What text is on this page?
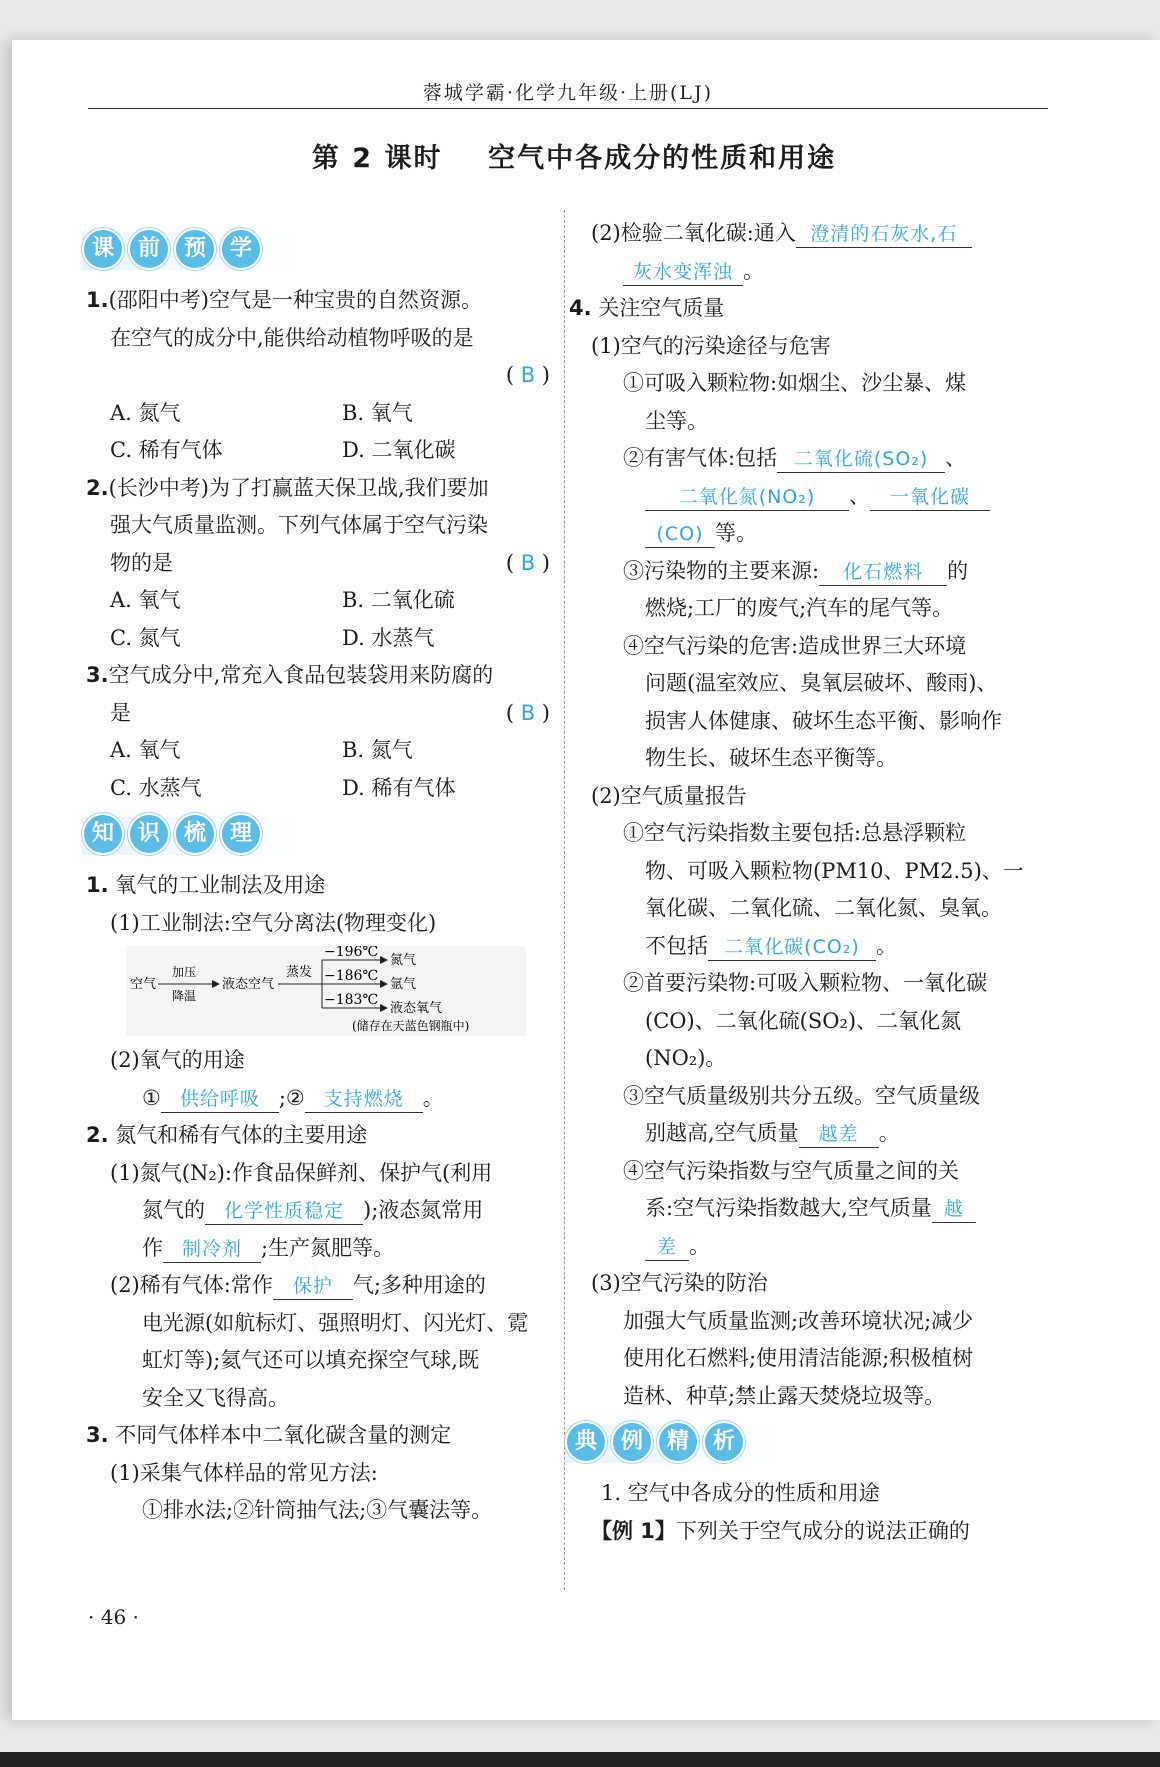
蓉城学霸·化学九年级·上册(LJ)
第 2 课时    空气中各成分的性质和用途
课	前	预	学
1.(邵阳中考)空气是一种宝贵的自然资源。
在空气的成分中,能供给动植物呼吸的是
( B )
A. 氮气	B. 氧气
C. 稀有气体	D. 二氧化碳
2.(长沙中考)为了打赢蓝天保卫战,我们要加
强大气质量监测。下列气体属于空气污染
物的是	( B )
A. 氧气	B. 二氧化硫
C. 氮气	D. 水蒸气
3.空气成分中,常充入食品包装袋用来防腐的
是	( B )
A. 氧气	B. 氮气
C. 水蒸气	D. 稀有气体
知	识	梳	理
1. 氧气的工业制法及用途
(1)工业制法:空气分离法(物理变化)
空气
加压
降温
液态空气
蒸发
−196℃
−186℃
−183℃
氮气
氩气
液态氧气
(储存在天蓝色钢瓶中)
(2)氧气的用途
① 供给呼吸 ;② 支持燃烧 。
2. 氮气和稀有气体的主要用途
(1)氮气(N₂):作食品保鲜剂、保护气(利用
氮气的 化学性质稳定 );液态氮常用
作 制冷剂 ;生产氮肥等。
(2)稀有气体:常作 保护 气;多种用途的
电光源(如航标灯、强照明灯、闪光灯、霓
虹灯等);氦气还可以填充探空气球,既
安全又飞得高。
3. 不同气体样本中二氧化碳含量的测定
(1)采集气体样品的常见方法:
①排水法;②针筒抽气法;③气囊法等。
(2)检验二氧化碳:通入 澄清的石灰水,石
灰水变浑浊 。
4. 关注空气质量
(1)空气的污染途径与危害
①可吸入颗粒物:如烟尘、沙尘暴、煤
尘等。
②有害气体:包括 二氧化硫(SO₂) 、
二氧化氮(NO₂) 、 一氧化碳
(CO) 等。
③污染物的主要来源: 化石燃料 的
燃烧;工厂的废气;汽车的尾气等。
④空气污染的危害:造成世界三大环境
问题(温室效应、臭氧层破坏、酸雨)、
损害人体健康、破坏生态平衡、影响作
物生长、破坏生态平衡等。
(2)空气质量报告
①空气污染指数主要包括:总悬浮颗粒
物、可吸入颗粒物(PM10、PM2.5)、一
氧化碳、二氧化硫、二氧化氮、臭氧。
不包括 二氧化碳(CO₂) 。
②首要污染物:可吸入颗粒物、一氧化碳
(CO)、二氧化硫(SO₂)、二氧化氮
(NO₂)。
③空气质量级别共分五级。空气质量级
别越高,空气质量 越差 。
④空气污染指数与空气质量之间的关
系:空气污染指数越大,空气质量 越
差 。
(3)空气污染的防治
加强大气质量监测;改善环境状况;减少
使用化石燃料;使用清洁能源;积极植树
造林、种草;禁止露天焚烧垃圾等。
典	例	精	析
1. 空气中各成分的性质和用途
【例 1】下列关于空气成分的说法正确的
· 46 ·
